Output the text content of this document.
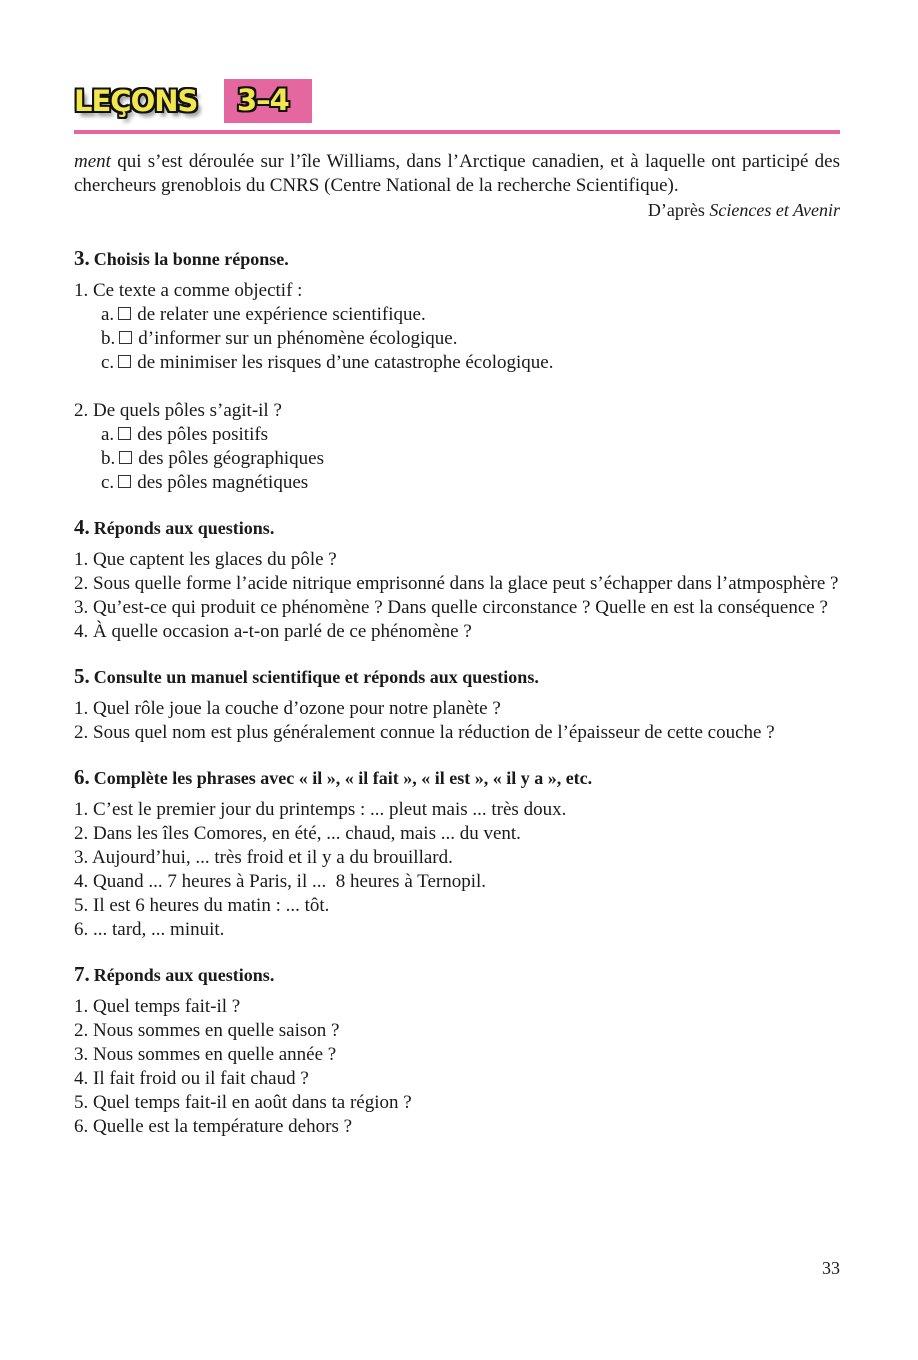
LEÇONS 3–4

ment qui s’est déroulée sur l’île Williams, dans l’Arctique canadien, et à laquelle ont participé des chercheurs grenoblois du CNRS (Centre National de la recherche Scientifique).

D’après Sciences et Avenir

3. Choisis la bonne réponse.

1. Ce texte a comme objectif :

a. de relater une expérience scientifique.

b. d’informer sur un phénomène écologique.

c. de minimiser les risques d’une catastrophe écologique.

2. De quels pôles s’agit-il ?

a. des pôles positifs

b. des pôles géographiques

c. des pôles magnétiques

4. Réponds aux questions.

1. Que captent les glaces du pôle ?

2. Sous quelle forme l’acide nitrique emprisonné dans la glace peut s’échapper dans l’atmposphère ?

3. Qu’est-ce qui produit ce phénomène ? Dans quelle circonstance ? Quelle en est la conséquence ?

4. À quelle occasion a-t-on parlé de ce phénomène ?

5. Consulte un manuel scientifique et réponds aux questions.

1. Quel rôle joue la couche d’ozone pour notre planète ?

2. Sous quel nom est plus généralement connue la réduction de l’épaisseur de cette couche ?

6. Complète les phrases avec « il », « il fait », « il est », « il y a », etc.

1. C’est le premier jour du printemps : ... pleut mais ... très doux.

2. Dans les îles Comores, en été, ... chaud, mais ... du vent.

3. Aujourd’hui, ... très froid et il y a du brouillard.

4. Quand ... 7 heures à Paris, il ...  8 heures à Ternopil.

5. Il est 6 heures du matin : ... tôt.

6. ... tard, ... minuit.

7. Réponds aux questions.

1. Quel temps fait-il ?

2. Nous sommes en quelle saison ?

3. Nous sommes en quelle année ?

4. Il fait froid ou il fait chaud ?

5. Quel temps fait-il en août dans ta région ?

6. Quelle est la température dehors ?

33
